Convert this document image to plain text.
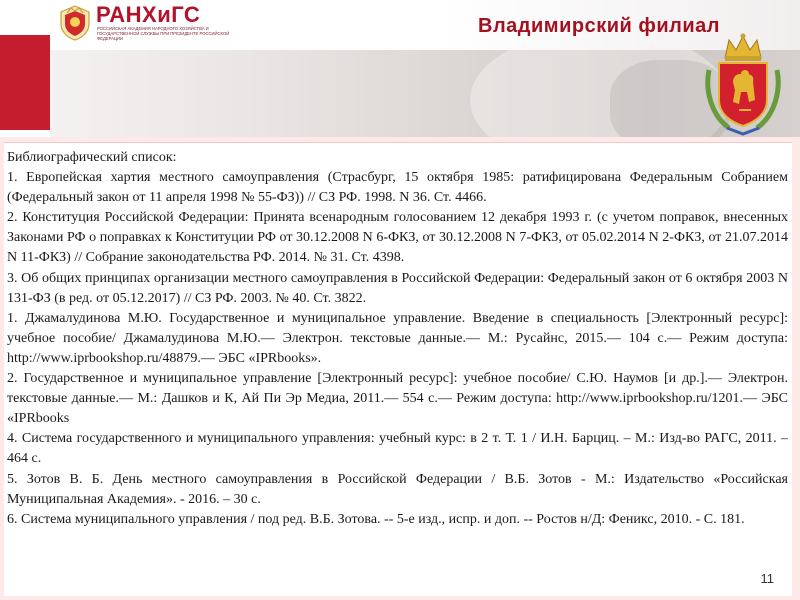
РАНХиГС
РОССИЙСКАЯ АКАДЕМИЯ НАРОДНОГО ХОЗЯЙСТВА И ГОСУДАРСТВЕННОЙ СЛУЖБЫ ПРИ ПРЕЗИДЕНТЕ РОССИЙСКОЙ ФЕДЕРАЦИИ
Владимирский филиал

Библиографический список:

1. Европейская хартия местного самоуправления (Страсбург, 15 октября 1985: ратифицирована Федеральным Собранием (Федеральный закон от 11 апреля 1998 № 55-ФЗ)) // СЗ РФ. 1998. N 36. Ст. 4466.

2. Конституция Российской Федерации: Принята всенародным голосованием 12 декабря 1993 г. (с учетом поправок, внесенных Законами РФ о поправках к Конституции РФ от 30.12.2008 N 6-ФКЗ, от 30.12.2008 N 7-ФКЗ, от 05.02.2014 N 2-ФКЗ, от 21.07.2014 N 11-ФКЗ) // Собрание законодательства РФ. 2014. № 31. Ст. 4398.

3. Об общих принципах организации местного самоуправления в Российской Федерации: Федеральный закон от 6 октября 2003 N 131-ФЗ (в ред. от 05.12.2017) // СЗ РФ. 2003. № 40. Ст. 3822.

1. Джамалудинова М.Ю. Государственное и муниципальное управление. Введение в специальность [Электронный ресурс]: учебное пособие/ Джамалудинова М.Ю.— Электрон. текстовые данные.— М.: Русайнс, 2015.— 104 c.— Режим доступа: http://www.iprbookshop.ru/48879.— ЭБС «IPRbooks».

2. Государственное и муниципальное управление [Электронный ресурс]: учебное пособие/ С.Ю. Наумов [и др.].— Электрон. текстовые данные.— М.: Дашков и К, Ай Пи Эр Медиа, 2011.— 554 c.— Режим доступа: http://www.iprbookshop.ru/1201.— ЭБС «IPRbooks

4. Система государственного и муниципального управления: учебный курс: в 2 т. Т. 1 / И.Н. Барциц. – М.: Изд-во РАГС, 2011. – 464 с.

5. Зотов В. Б. День местного самоуправления в Российской Федерации / В.Б. Зотов - М.: Издательство «Российская Муниципальная Академия». - 2016. – 30 с.

6. Система муниципального управления / под ред. В.Б. Зотова. -- 5-е изд., испр. и доп. -- Ростов н/Д: Феникс, 2010. - С. 181.

11
